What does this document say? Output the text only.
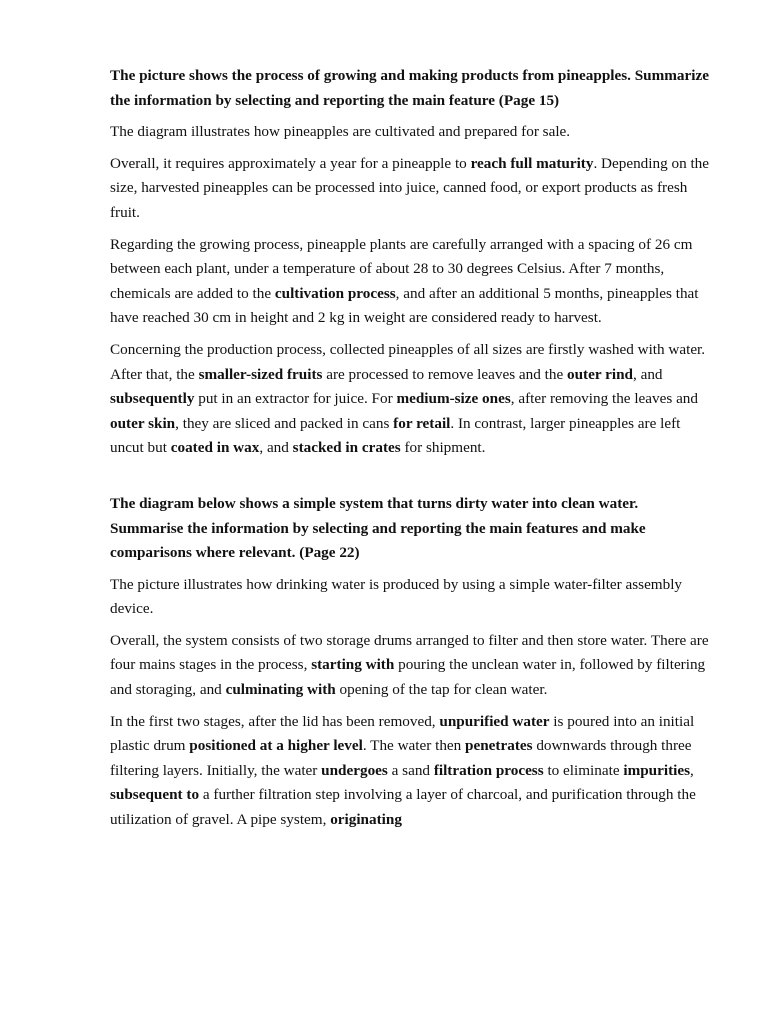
The picture shows the process of growing and making products from pineapples. Summarize the information by selecting and reporting the main feature (Page 15)

The diagram illustrates how pineapples are cultivated and prepared for sale.

Overall, it requires approximately a year for a pineapple to reach full maturity. Depending on the size, harvested pineapples can be processed into juice, canned food, or export products as fresh fruit.

Regarding the growing process, pineapple plants are carefully arranged with a spacing of 26 cm between each plant, under a temperature of about 28 to 30 degrees Celsius. After 7 months, chemicals are added to the cultivation process, and after an additional 5 months, pineapples that have reached 30 cm in height and 2 kg in weight are considered ready to harvest.

Concerning the production process, collected pineapples of all sizes are firstly washed with water. After that, the smaller-sized fruits are processed to remove leaves and the outer rind, and subsequently put in an extractor for juice. For medium-size ones, after removing the leaves and outer skin, they are sliced and packed in cans for retail. In contrast, larger pineapples are left uncut but coated in wax, and stacked in crates for shipment.

The diagram below shows a simple system that turns dirty water into clean water. Summarise the information by selecting and reporting the main features and make comparisons where relevant. (Page 22)

The picture illustrates how drinking water is produced by using a simple water-filter assembly device.

Overall, the system consists of two storage drums arranged to filter and then store water. There are four mains stages in the process, starting with pouring the unclean water in, followed by filtering and storaging, and culminating with opening of the tap for clean water.

In the first two stages, after the lid has been removed, unpurified water is poured into an initial plastic drum positioned at a higher level. The water then penetrates downwards through three filtering layers. Initially, the water undergoes a sand filtration process to eliminate impurities, subsequent to a further filtration step involving a layer of charcoal, and purification through the utilization of gravel. A pipe system, originating
